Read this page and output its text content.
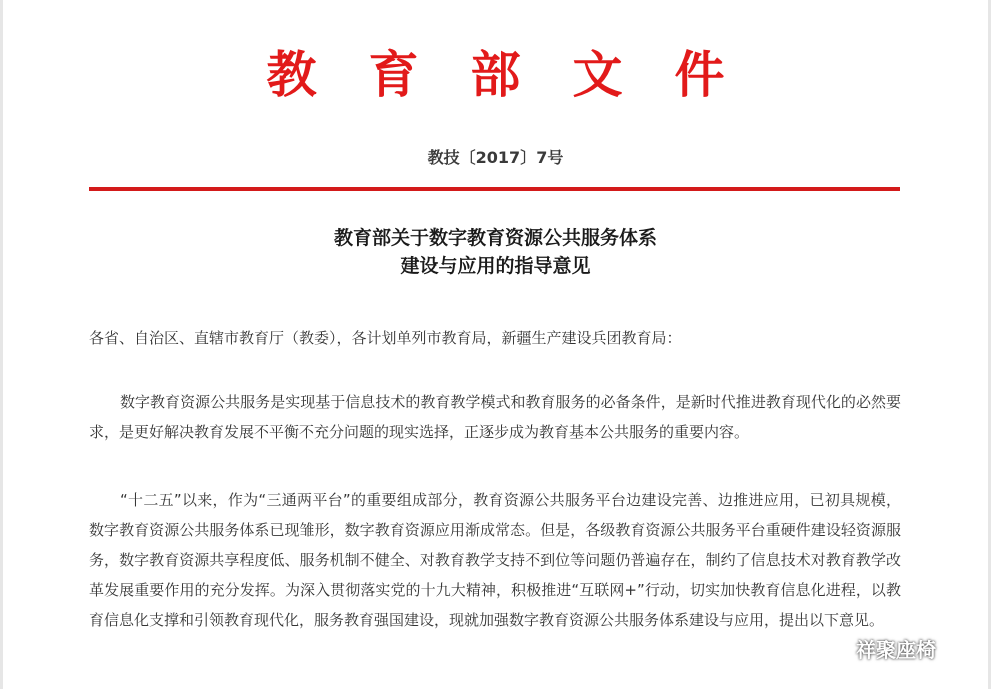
教 育 部 文 件
教技〔2017〕7号
教育部关于数字教育资源公共服务体系
建设与应用的指导意见

各省、自治区、直辖市教育厅（教委），各计划单列市教育局，新疆生产建设兵团教育局：

数字教育资源公共服务是实现基于信息技术的教育教学模式和教育服务的必备条件，是新时代推进教育现代化的必然要求，是更好解决教育发展不平衡不充分问题的现实选择，正逐步成为教育基本公共服务的重要内容。

“十二五”以来，作为“三通两平台”的重要组成部分，教育资源公共服务平台边建设完善、边推进应用，已初具规模，数字教育资源公共服务体系已现雏形，数字教育资源应用渐成常态。但是，各级教育资源公共服务平台重硬件建设轻资源服务，数字教育资源共享程度低、服务机制不健全、对教育教学支持不到位等问题仍普遍存在，制约了信息技术对教育教学改革发展重要作用的充分发挥。为深入贯彻落实党的十九大精神，积极推进“互联网+”行动，切实加快教育信息化进程，以教育信息化支撑和引领教育现代化，服务教育强国建设，现就加强数字教育资源公共服务体系建设与应用，提出以下意见。

祥聚座椅
